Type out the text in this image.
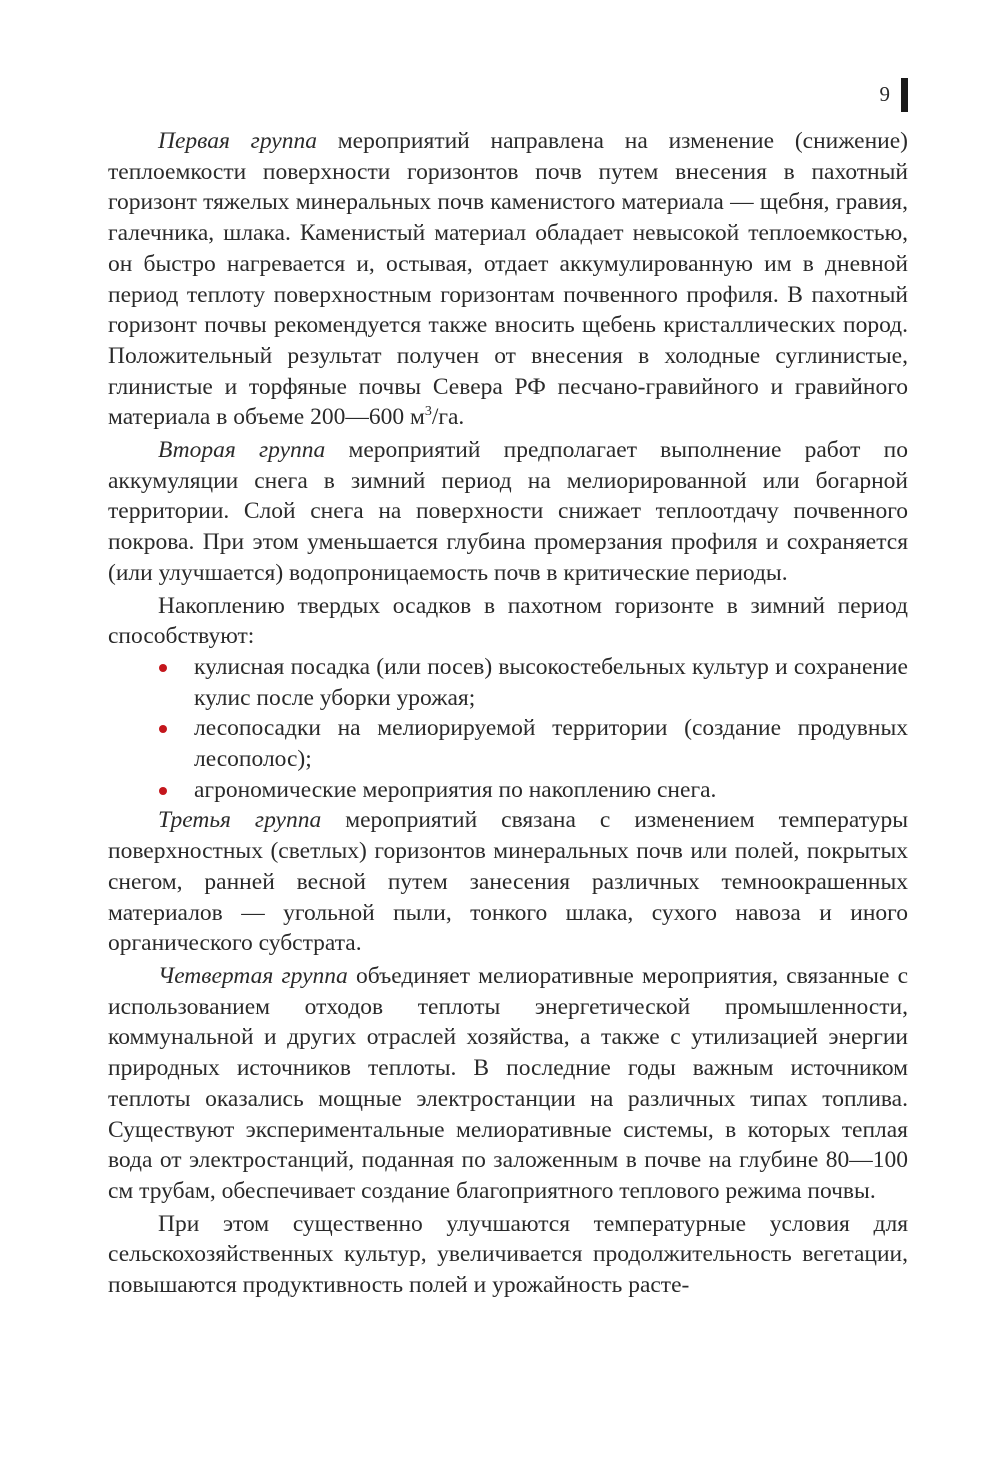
9

Первая группа мероприятий направлена на изменение (снижение) теплоемкости поверхности горизонтов почв путем внесения в пахотный горизонт тяжелых минеральных почв каменистого материала — щебня, гравия, галечника, шлака. Каменистый материал обладает невысокой теплоемкостью, он быстро нагревается и, остывая, отдает аккумулированную им в дневной период теплоту поверхностным горизонтам почвенного профиля. В пахотный горизонт почвы рекомендуется также вносить щебень кристаллических пород. Положительный результат получен от внесения в холодные суглинистые, глинистые и торфяные почвы Севера РФ песчано-гравийного и гравийного материала в объеме 200—600 $м^3/га$.

Вторая группа мероприятий предполагает выполнение работ по аккумуляции снега в зимний период на мелиорированной или богарной территории. Слой снега на поверхности снижает теплоотдачу почвенного покрова. При этом уменьшается глубина промерзания профиля и сохраняется (или улучшается) водопроницаемость почв в критические периоды.

Накоплению твердых осадков в пахотном горизонте в зимний период способствуют:

кулисная посадка (или посев) высокостебельных культур и сохранение кулис после уборки урожая;
лесопосадки на мелиорируемой территории (создание продувных лесополос);
агрономические мероприятия по накоплению снега.

Третья группа мероприятий связана с изменением температуры поверхностных (светлых) горизонтов минеральных почв или полей, покрытых снегом, ранней весной путем занесения различных темноокрашенных материалов — угольной пыли, тонкого шлака, сухого навоза и иного органического субстрата.

Четвертая группа объединяет мелиоративные мероприятия, связанные с использованием отходов теплоты энергетической промышленности, коммунальной и других отраслей хозяйства, а также с утилизацией энергии природных источников теплоты. В последние годы важным источником теплоты оказались мощные электростанции на различных типах топлива. Существуют экспериментальные мелиоративные системы, в которых теплая вода от электростанций, поданная по заложенным в почве на глубине 80—100 см трубам, обеспечивает создание благоприятного теплового режима почвы.

При этом существенно улучшаются температурные условия для сельскохозяйственных культур, увеличивается продолжительность вегетации, повышаются продуктивность полей и урожайность расте-
